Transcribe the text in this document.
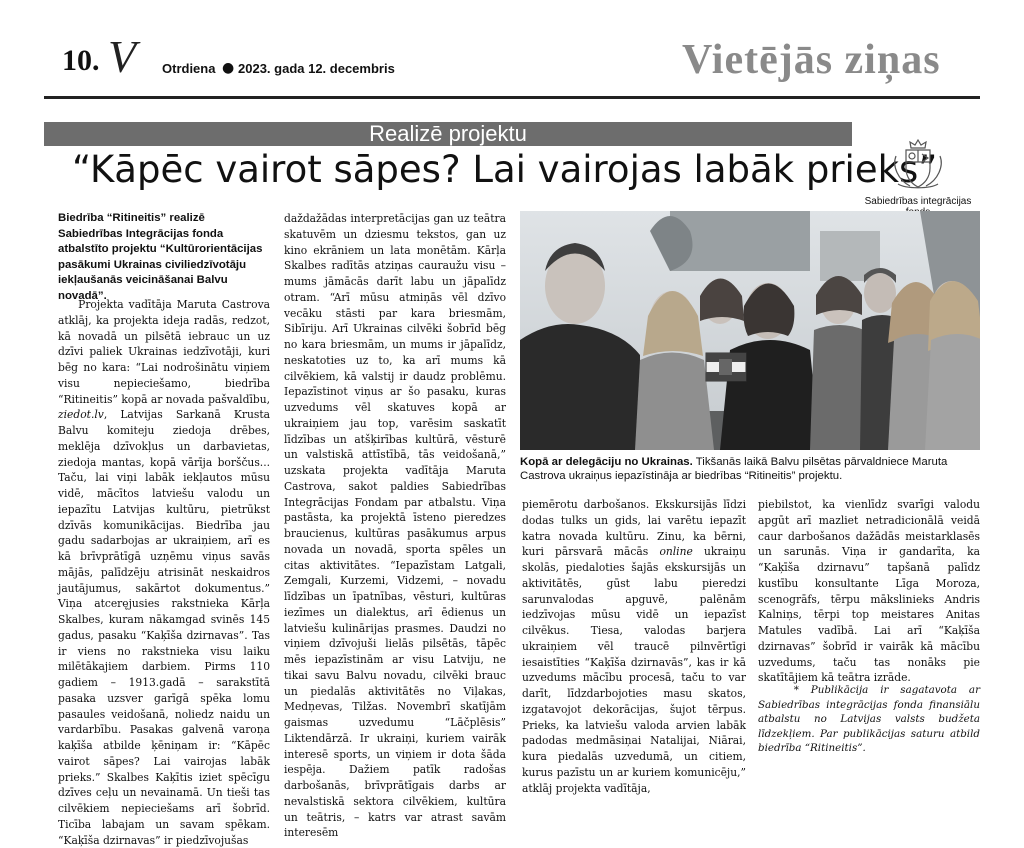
10. V Otrdiena ● 2023. gada 12. decembris	Vietējās ziņas
Realizē projektu
“Kāpēc vairot sāpes? Lai vairojas labāk prieks”
Sabiedrības integrācijas
Biedrība “Ritineitis” realizē Sabiedrības Integrācijas fonda atbalstīto projektu “Kultūrorientācijas pasākumi Ukrainas civiliedzīvotāju iekļaušanās veicināšanai Balvu novadā”.
Projekta vadītāja Maruta Castrova atklāj, ka projekta ideja radās, redzot, kā novadā un pilsētā iebrauc un uz dzīvi paliek Ukrainas iedzīvotāji, kuri bēg no kara: “Lai nodrošinātu viņiem visu nepieciešamo, biedrība “Ritineitis” kopā ar novada pašvaldību, ziedot.lv, Latvijas Sarkanā Krusta Balvu komiteju ziedoja drēbes, meklēja dzīvokļus un darbavietas, ziedoja mantas, kopā vārīja borščus... Taču, lai viņi labāk iekļautos mūsu vidē, mācītos latviešu valodu un iepazītu Latvijas kultūru, pietrūkst dzīvās komunikācijas. Biedrība jau gadu sadarbojas ar ukraiņiem, arī es kā brīvprātīgā uzņēmu viņus savās mājās, palīdzēju atrisināt neskaidros jautājumus, sakārtot dokumentus.” Viņa atceręjusies rakstnieka Kārļa Skalbes, kuram nākamgad svinēs 145 gadus, pasaku “Kaķīša dzirnavas”. Tas ir viens no rakstnieka visu laiku milētākajiem darbiem. Pirms 110 gadiem – 1913.gadā – sarakstītā pasaka uzsver garīgā spēka lomu pasaules veidošanā, noliedz naidu un vardarbību. Pasakas galvenā varoņa kaķīša atbilde ķēniņam ir: “Kāpēc vairot sāpes? Lai vairojas labāk prieks.” Skalbes Kaķītis iziet spēcīgu dzīves ceļu un nevainamā. Un tieši tas cilvēkiem nepieciešams arī šobrīd. Ticība labajam un savam spēkam. “Kaķīša dzirnavas” ir piedzīvojušas
daždažādas interpretācijas gan uz teātra skatuvēm un dziesmu tekstos, gan uz kino ekrāniem un lata monētām. Kārļa Skalbes radītās atziņas cauraužu visu – mums jāmācās darīt labu un jāpalīdz otram. “Arī mūsu atmiņās vēl dzīvo vecāku stāsti par kara briesmām, Sibīriju. Arī Ukrainas cilvēki šobrīd bēg no kara briesmām, un mums ir jāpalīdz, neskatoties uz to, ka arī mums kā cilvēkiem, kā valstij ir daudz problēmu. Iepazīstinot viņus ar šo pasaku, kuras uzvedums vēl skatuves kopā ar ukraiņiem jau top, varēsim saskatīt līdzības un atšķirības kultūrā, vēsturē un valstiskā attīstībā, tās veidošanā,” uzskata projekta vadītāja Maruta Castrova, sakot paldies Sabiedrības Integrācijas Fondam par atbalstu. Viņa pastāsta, ka projektā īsteno pieredzes braucienus, kultūras pasākumus arpus novada un novadā, sporta spēles un citas aktivitātes. “Iepazīstam Latgali, Zemgali, Kurzemi, Vidzemi, – novadu līdzības un īpatnības, vēsturi, kultūras iezīmes un dialektus, arī ēdienus un latviešu kulinārijas prasmes. Daudzi no viņiem dzīvojuši lielās pilsētās, tāpēc mēs iepazīstinām ar visu Latviju, ne tikai savu Balvu novadu, cilvēki brauc un piedalās aktivitātēs no Viļakas, Medņevas, Tilžas. Novembrī skatījām gaismas uzvedumu “Lāčplēsis” Liktendārzā. Ir ukraiņi, kuriem vairāk interesē sports, un viņiem ir dota šāda iespēja. Dažiem patīk radošas darbošanās, brīvprātīgais darbs ar nevalstiskā sektora cilvēkiem, kultūra un teātris, – katrs var atrast savām interesēm
Kopā ar delegāciju no Ukrainas. Tikšanās laikā Balvu pilsētas pārvaldniece Maruta Castrova ukraiņus iepazīstināja ar biedrības “Ritineitis” projektu.
piemērotu darbošanos. Ekskursijās līdzi dodas tulks un gids, lai varētu iepazīt katra novada kultūru. Zinu, ka bērni, kuri pārsvarā mācās online ukraiņu skolās, piedaloties šajās ekskursijās un aktivitātēs, gūst labu pieredzi sarunvalodas apguvē, palēnām iedzīvojas mūsu vidē un iepazīst cilvēkus. Tiesa, valodas barjera ukraiņiem vēl traucē pilnvērtīgi iesaistīties “Kaķīša dzirnavās”, kas ir kā uzvedums mācību procesā, taču to var darīt, līdzdarbojoties masu skatos, izgatavojot dekorācijas, šujot tērpus. Prieks, ka latviešu valoda arvien labāk padodas medmāsiņai Natalijai, Niārai, kura piedalās uzvedumā, un citiem, kurus pazīstu un ar kuriem komunicēju,” atklāj projekta vadītāja,
piebilstot, ka vienlīdz svarīgi valodu apgūt arī mazliet netradicionālā veidā caur darbošanos dažādās meistarklasēs un sarunās. Viņa ir gandarīta, ka “Kaķīša dzirnavu” tapšanā palīdz kustību konsultante Līga Moroza, scenogrāfs, tērpu mākslinieks Andris Kalniņs, tērpi top meistares Anitas Matules vadībā. Lai arī “Kaķīša dzirnavas” šobrīd ir vairāk kā mācību uzvedums, taču tas nonāks pie skatītājiem kā teātra izrāde.
* Publikācija ir sagatavota ar Sabiedrības integrācijas fonda finansiālu atbalstu no Latvijas valsts budžeta līdzekļiem. Par publikācijas saturu atbild biedrība “Ritineitis”.
